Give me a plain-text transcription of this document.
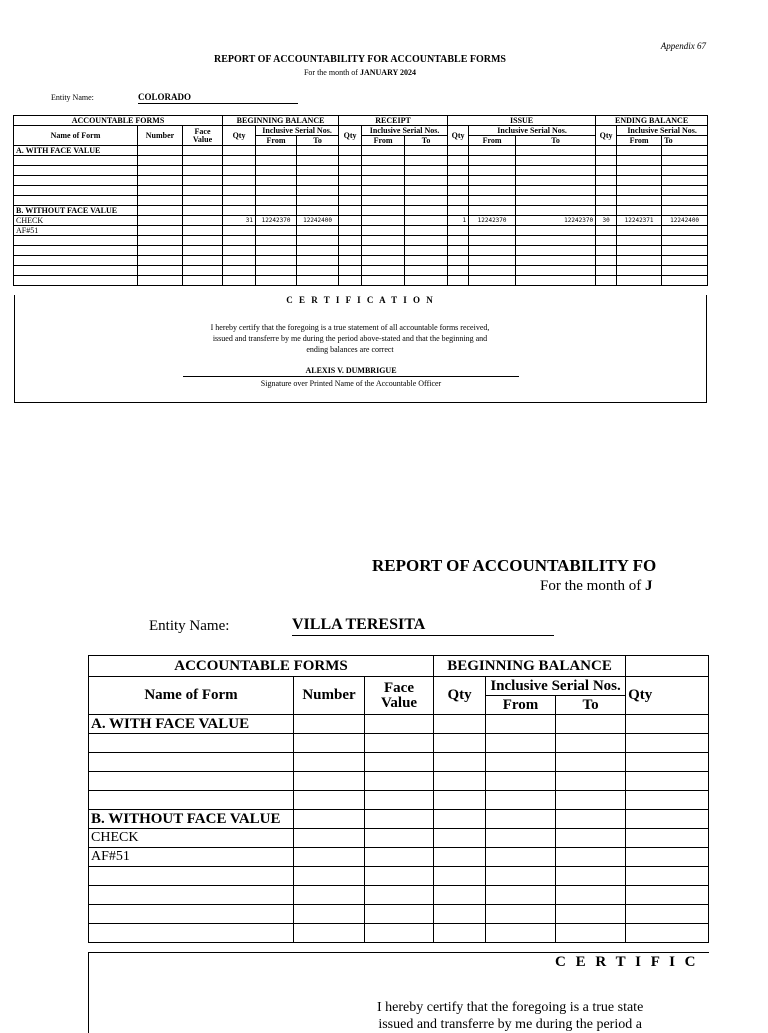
Appendix 67
REPORT OF ACCOUNTABILITY FOR ACCOUNTABLE FORMS
For the month of JANUARY 2024
Entity Name:	COLORADO
ACCOUNTABLE FORMS			BEGINNING BALANCE			RECEIPT			ISSUE			ENDING BALANCE		
Name of Form	Number	Face Value	Qty	Inclusive Serial Nos.		Qty	Inclusive Serial Nos.		Qty	Inclusive Serial Nos.		Qty	Inclusive Serial Nos.	
				From	To		From	To		From	To		From	To
A. WITH FACE VALUE														

B. WITHOUT FACE VALUE														
CHECK			31	12242370	12242400				1	12242370	12242370	30	12242371	12242400
AF#51														

C E R T I F I C A T I O N
I hereby certify that the foregoing is a true statement of all accountable forms received,
issued and transferre by me during the period above-stated and that the beginning and
ending balances are correct
ALEXIS V. DUMBRIGUE
Signature over Printed Name of the Accountable Officer
REPORT OF ACCOUNTABILITY FO
For the month of J
Entity Name:	VILLA TERESITA
ACCOUNTABLE FORMS			BEGINNING BALANCE			
Name of Form	Number	Face Value	Qty	Inclusive Serial Nos.		Qty
				From	To	
A. WITH FACE VALUE						

B. WITHOUT FACE VALUE						
CHECK						
AF#51						

C E R T I F I C
I hereby certify that the foregoing is a true state
issued and transferre by me during the period a
